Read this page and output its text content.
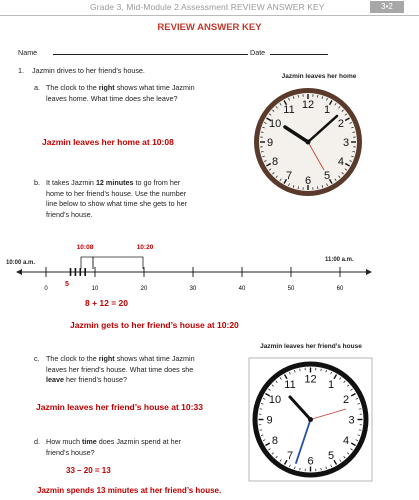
Grade 3, Mid-Module 2 Assessment REVIEW ANSWER KEY	3•2
REVIEW ANSWER KEY
Name	Date
1. Jazmin drives to her friend’s house.
a. The clock to the right shows what time Jazmin
leaves home. What time does she leave?
Jazmin leaves her home at 10:08
Jazmin leaves her home
12 1
2
3
4
5
6
7
8
9
10
11
b. It takes Jazmin 12 minutes to go from her
home to her friend’s house. Use the number
line below to show what time she gets to her
friend’s house.
10:08	10:20
10:00 a.m.	11:00 a.m.
5
0	10	20	30	40	50	60
8 + 12 = 20
Jazmin gets to her friend’s house at 10:20
c. The clock to the right shows what time Jazmin
leaves her friend’s house. What time does she
leave her friend’s house?
Jazmin leaves her friend’s house at 10:33
Jazmin leaves her friend’s house
12 1
2
3
4
5
6
7
8
9
10
11
d. How much time does Jazmin spend at her
friend’s house?
33 – 20 = 13
Jazmin spends 13 minutes at her friend’s house.
